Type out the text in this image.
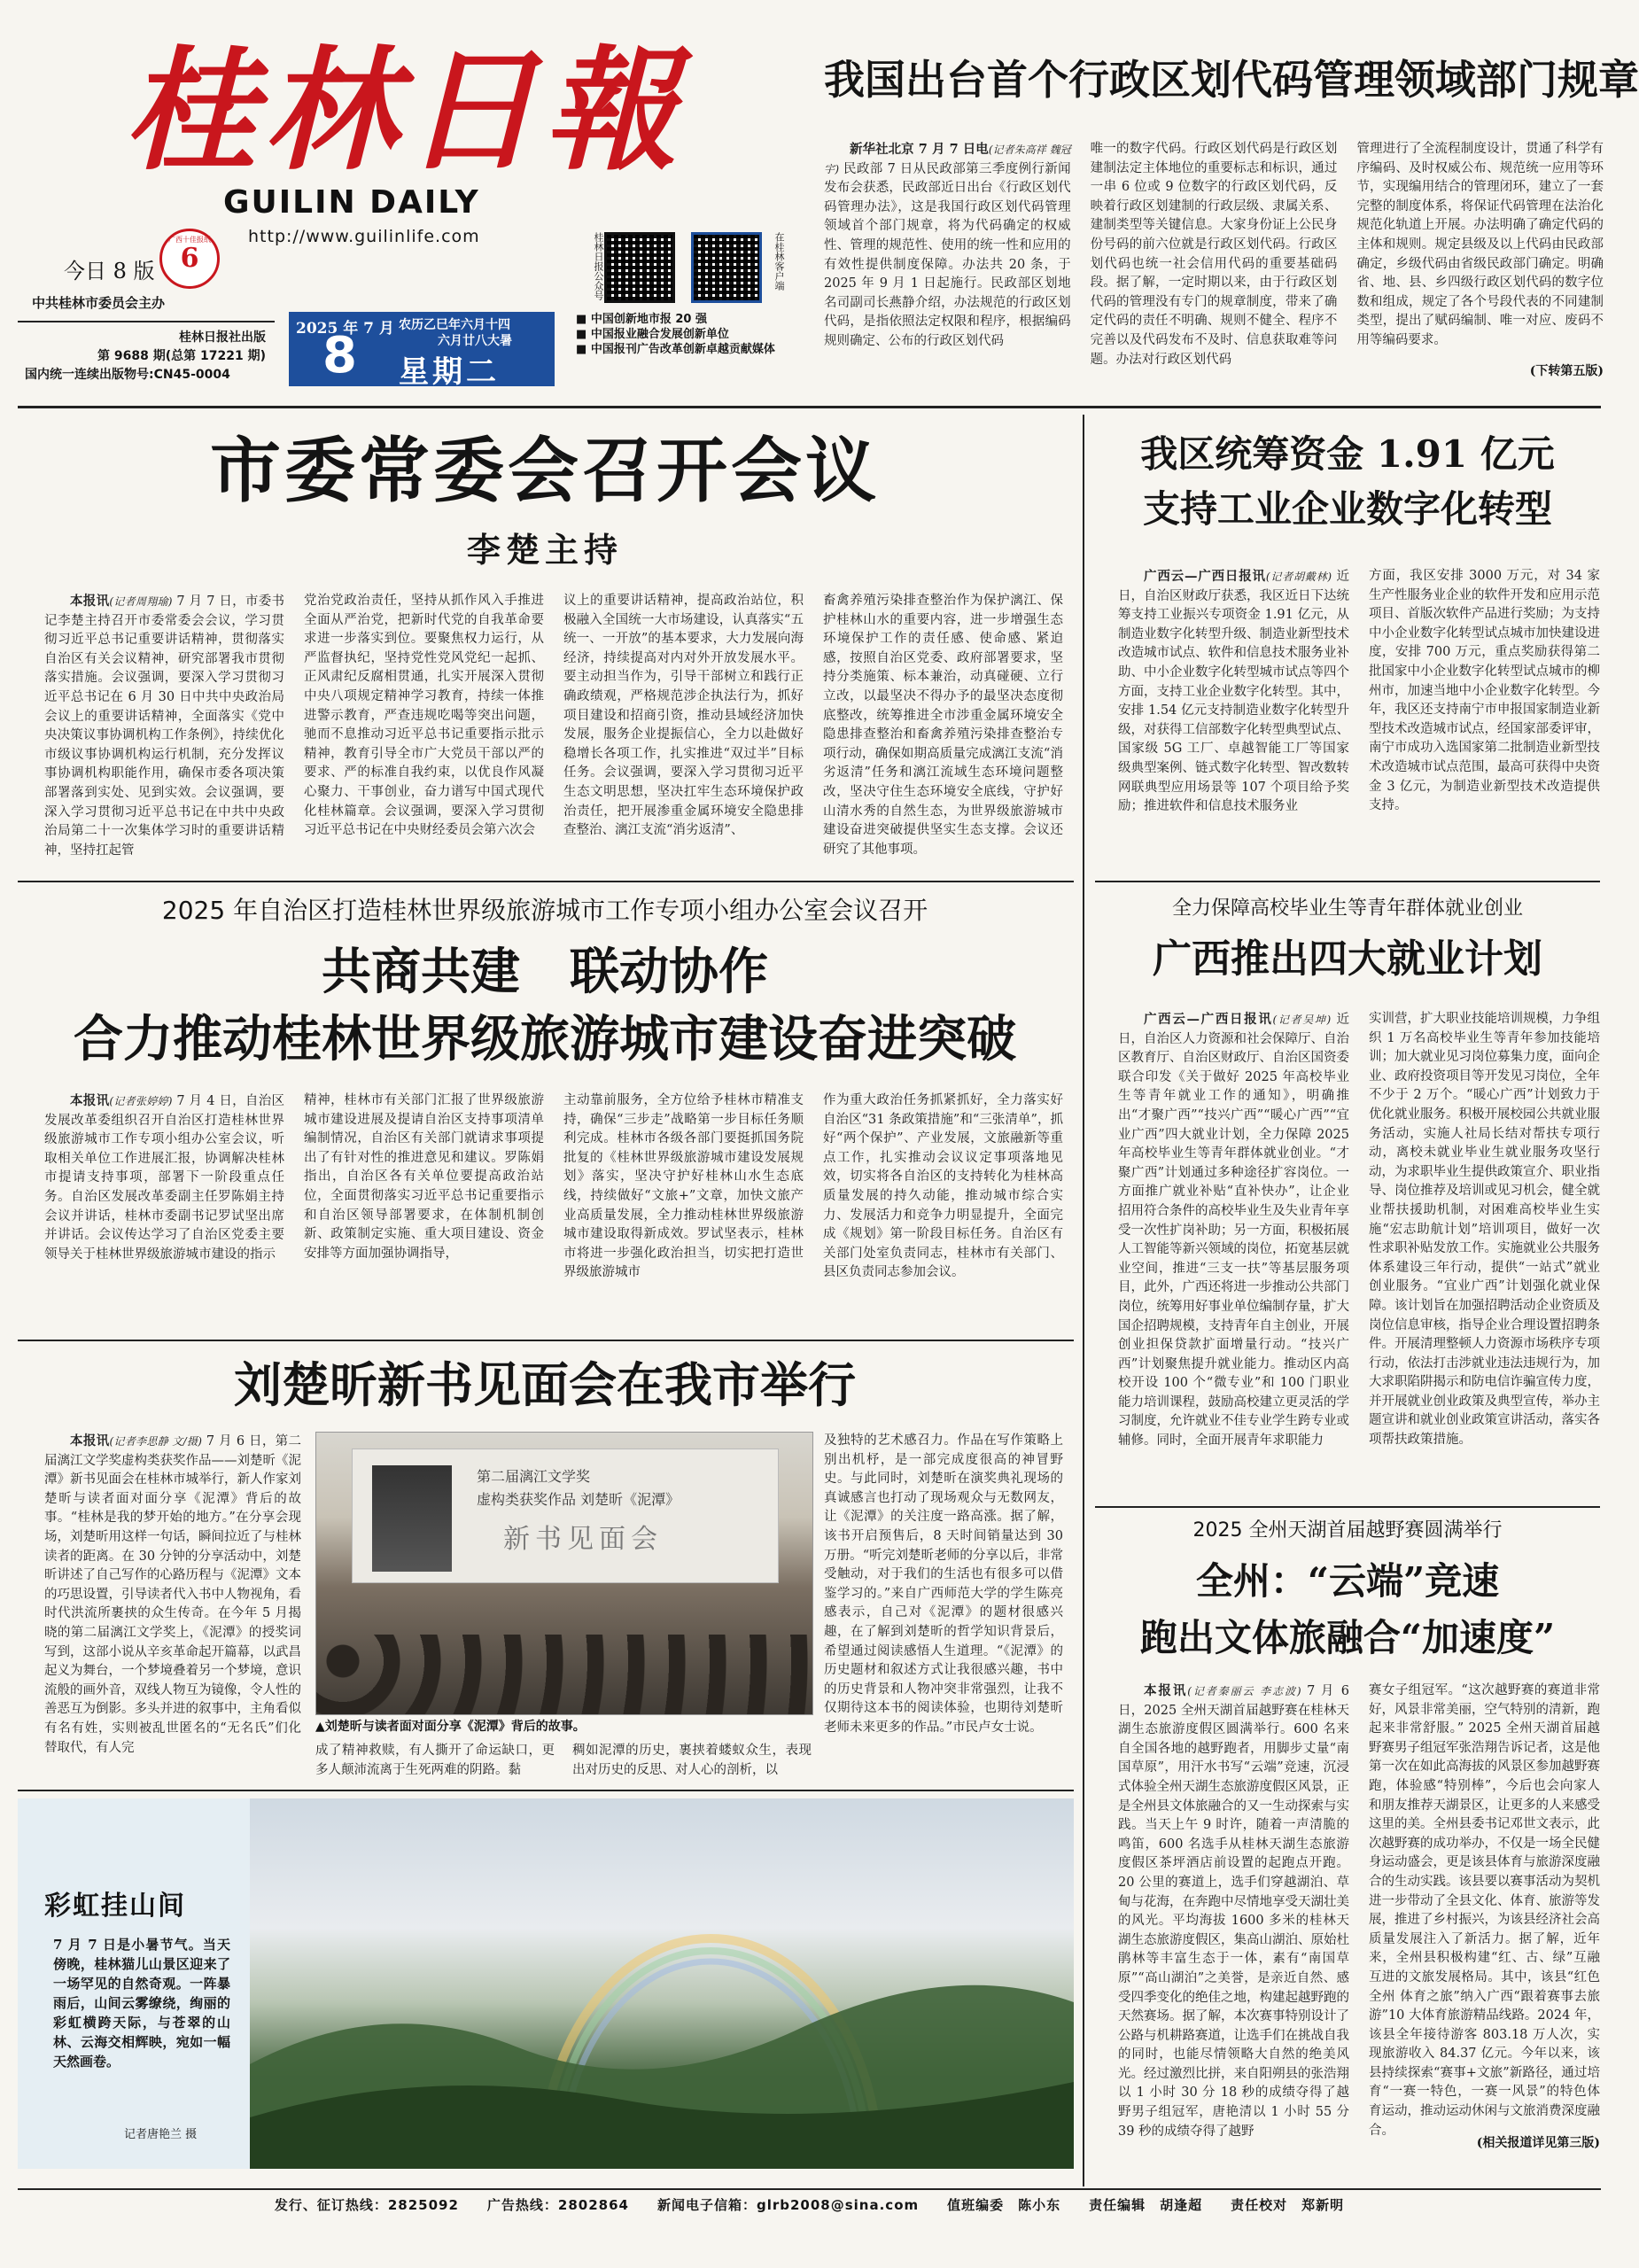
桂林日報
GUILIN DAILY
http://www.guilinlife.com
今日 8 版
广西十佳报纸
6
中共桂林市委员会主办
桂林日报社出版
第 9688 期(总第 17221 期)
国内统一连续出版物号:CN45-0004
2025 年 7 月
8
农历乙巳年六月十四
六月廿八大暑
星期二
桂林日报公众号	在桂林客户端
■ 中国创新地市报 20 强
■ 中国报业融合发展创新单位
■ 中国报刊广告改革创新卓越贡献媒体
我国出台首个行政区划代码管理领域部门规章

新华社北京 7 月 7 日电(记者朱高祥 魏冠宇) 民政部 7 日从民政部第三季度例行新闻发布会获悉，民政部近日出台《行政区划代码管理办法》，这是我国行政区划代码管理领域首个部门规章，将为代码确定的权威性、管理的规范性、使用的统一性和应用的有效性提供制度保障。办法共 20 条，于 2025 年 9 月 1 日起施行。民政部区划地名司副司长燕静介绍，办法规范的行政区划代码，是指依照法定权限和程序，根据编码规则确定、公布的行政区划代码

唯一的数字代码。行政区划代码是行政区划建制法定主体地位的重要标志和标识，通过一串 6 位或 9 位数字的行政区划代码，反映着行政区划建制的行政层级、隶属关系、建制类型等关键信息。大家身份证上公民身份号码的前六位就是行政区划代码。行政区划代码也统一社会信用代码的重要基础码段。据了解，一定时期以来，由于行政区划代码的管理没有专门的规章制度，带来了确定代码的责任不明确、规则不健全、程序不完善以及代码发布不及时、信息获取难等问题。办法对行政区划代码

管理进行了全流程制度设计，贯通了科学有序编码、及时权威公布、规范统一应用等环节，实现编用结合的管理闭环，建立了一套完整的制度体系，将保证代码管理在法治化规范化轨道上开展。办法明确了确定代码的主体和规则。规定县级及以上代码由民政部确定，乡级代码由省级民政部门确定。明确省、地、县、乡四级行政区划代码的数字位数和组成，规定了各个号段代表的不同建制类型，提出了赋码编制、唯一对应、废码不用等编码要求。

(下转第五版)
市委常委会召开会议
李楚主持

本报讯(记者周翔瑜) 7 月 7 日，市委书记李楚主持召开市委常委会会议，学习贯彻习近平总书记重要讲话精神，贯彻落实自治区有关会议精神，研究部署我市贯彻落实措施。会议强调，要深入学习贯彻习近平总书记在 6 月 30 日中共中央政治局会议上的重要讲话精神，全面落实《党中央决策议事协调机构工作条例》，持续优化市级议事协调机构运行机制，充分发挥议事协调机构职能作用，确保市委各项决策部署落到实处、见到实效。会议强调，要深入学习贯彻习近平总书记在中共中央政治局第二十一次集体学习时的重要讲话精神，坚持扛起管

党治党政治责任，坚持从抓作风入手推进全面从严治党，把新时代党的自我革命要求进一步落实到位。要聚焦权力运行，从严监督执纪，坚持党性党风党纪一起抓、正风肃纪反腐相贯通，扎实开展深入贯彻中央八项规定精神学习教育，持续一体推进警示教育，严查违规吃喝等突出问题，驰而不息推动习近平总书记重要指示批示精神，教育引导全市广大党员干部以严的要求、严的标准自我约束，以优良作风凝心聚力、干事创业，奋力谱写中国式现代化桂林篇章。会议强调，要深入学习贯彻习近平总书记在中央财经委员会第六次会

议上的重要讲话精神，提高政治站位，积极融入全国统一大市场建设，认真落实“五统一、一开放”的基本要求，大力发展向海经济，持续提高对内对外开放发展水平。要主动担当作为，引导干部树立和践行正确政绩观，严格规范涉企执法行为，抓好项目建设和招商引资，推动县域经济加快发展，服务企业提振信心，全力以赴做好稳增长各项工作，扎实推进“双过半”目标任务。会议强调，要深入学习贯彻习近平生态文明思想，坚决扛牢生态环境保护政治责任，把开展渗重金属环境安全隐患排查整治、漓江支流“消劣返清”、

畜禽养殖污染排查整治作为保护漓江、保护桂林山水的重要内容，进一步增强生态环境保护工作的责任感、使命感、紧迫感，按照自治区党委、政府部署要求，坚持分类施策、标本兼治，动真碰硬、立行立改，以最坚决不得办予的最坚决态度彻底整改，统筹推进全市涉重金属环境安全隐患排查整治和畜禽养殖污染排查整治专项行动，确保如期高质量完成漓江支流“消劣返清”任务和漓江流域生态环境问题整改，坚决守住生态环境安全底线，守护好山清水秀的自然生态，为世界级旅游城市建设奋进突破提供坚实生态支撑。会议还研究了其他事项。

2025 年自治区打造桂林世界级旅游城市工作专项小组办公室会议召开
共商共建　联动协作
合力推动桂林世界级旅游城市建设奋进突破

本报讯(记者张婷婷) 7 月 4 日，自治区发展改革委组织召开自治区打造桂林世界级旅游城市工作专项小组办公室会议，听取相关单位工作进展汇报，协调解决桂林市提请支持事项，部署下一阶段重点任务。自治区发展改革委副主任罗陈娟主持会议并讲话，桂林市委副书记罗试坚出席并讲话。会议传达学习了自治区党委主要领导关于桂林世界级旅游城市建设的指示

精神，桂林市有关部门汇报了世界级旅游城市建设进展及提请自治区支持事项清单编制情况，自治区有关部门就请求事项提出了有针对性的推进意见和建议。罗陈娟指出，自治区各有关单位要提高政治站位，全面贯彻落实习近平总书记重要指示和自治区领导部署要求，在体制机制创新、政策制定实施、重大项目建设、资金安排等方面加强协调指导，

主动靠前服务，全方位给予桂林市精准支持，确保“三步走”战略第一步目标任务顺利完成。桂林市各级各部门要挺抓国务院批复的《桂林世界级旅游城市建设发展规划》落实，坚决守护好桂林山水生态底线，持续做好“文旅+”文章，加快文旅产业高质量发展，全力推动桂林世界级旅游城市建设取得新成效。罗试坚表示，桂林市将进一步强化政治担当，切实把打造世界级旅游城市

作为重大政治任务抓紧抓好，全力落实好自治区“31 条政策措施”和“三张清单”，抓好“两个保护”、产业发展，文旅融新等重点工作，扎实推动会议议定事项落地见效，切实将各自治区的支持转化为桂林高质量发展的持久动能，推动城市综合实力、发展活力和竞争力明显提升，全面完成《规划》第一阶段目标任务。自治区有关部门处室负责同志，桂林市有关部门、县区负责同志参加会议。

刘楚昕新书见面会在我市举行

本报讯(记者李思静 文/摄) 7 月 6 日，第二届漓江文学奖虚构类获奖作品——刘楚昕《泥潭》新书见面会在桂林市城举行，新人作家刘楚昕与读者面对面分享《泥潭》背后的故事。“桂林是我的梦开始的地方。”在分享会现场，刘楚昕用这样一句话，瞬间拉近了与桂林读者的距离。在 30 分钟的分享活动中，刘楚昕讲述了自己写作的心路历程与《泥潭》文本的巧思设置，引导读者代入书中人物视角，看时代洪流所裹挟的众生传奇。在今年 5 月揭晓的第二届漓江文学奖上，《泥潭》的授奖词写到，这部小说从辛亥革命起开篇幕，以武昌起义为舞台，一个梦境叠着另一个梦境，意识流般的画外音，双线人物互为镜像，令人性的善恶互为倒影。多头并进的叙事中，主角看似有名有姓，实则被乱世匿名的“无名氏”们化替取代，有人完

第二届漓江文学奖
虚构类获奖作品 刘楚昕《泥潭》
新书见面会
▲刘楚昕与读者面对面分享《泥潭》背后的故事。

及独特的艺术感召力。作品在写作策略上别出机杼，是一部完成度很高的神冒野史。与此同时，刘楚昕在演奖典礼现场的真诚感言也打动了现场观众与无数网友，让《泥潭》的关注度一路高涨。据了解，该书开启预售后，8 天时间销量达到 30 万册。“听完刘楚昕老师的分享以后，非常受触动，对于我们的生活也有很多可以借鉴学习的。”来自广西师范大学的学生陈亮感表示，自己对《泥潭》的题材很感兴趣，在了解到刘楚昕的哲学知识背景后，希望通过阅读感悟人生道理。“《泥潭》的历史题材和叙述方式让我很感兴趣，书中的历史背景和人物冲突非常强烈，让我不仅期待这本书的阅读体验，也期待刘楚昕老师未来更多的作品。”市民卢女士说。

成了精神救赎，有人撕开了命运缺口，更多人颠沛流离于生死两难的阴路。黏

稠如泥潭的历史，裹挟着蝼蚁众生，表现出对历史的反思、对人心的剖析，以

彩虹挂山间
7 月 7 日是小暑节气。当天傍晚，桂林猫儿山景区迎来了一场罕见的自然奇观。一阵暴雨后，山间云雾缭绕，绚丽的彩虹横跨天际，与苍翠的山林、云海交相辉映，宛如一幅天然画卷。
记者唐艳兰 摄
我区统筹资金 1.91 亿元
支持工业企业数字化转型

广西云—广西日报讯(记者胡戴林) 近日，自治区财政厅获悉，我区近日下达统筹支持工业振兴专项资金 1.91 亿元，从制造业数字化转型升级、制造业新型技术改造城市试点、软件和信息技术服务业补助、中小企业数字化转型城市试点等四个方面，支持工业企业数字化转型。其中，安排 1.54 亿元支持制造业数字化转型升级，对获得工信部数字化转型典型试点、国家级 5G 工厂、卓越智能工厂等国家级典型案例、链式数字化转型、智改数转网联典型应用场景等 107 个项目给予奖励；推进软件和信息技术服务业

方面，我区安排 3000 万元，对 34 家生产性服务业企业的软件开发和应用示范项目、首版次软件产品进行奖励；为支持中小企业数字化转型试点城市加快建设进度，安排 700 万元，重点奖励获得第二批国家中小企业数字化转型试点城市的柳州市，加速当地中小企业数字化转型。今年，我区还支持南宁市申报国家制造业新型技术改造城市试点，经国家部委评审，南宁市成功入选国家第二批制造业新型技术改造城市试点范围，最高可获得中央资金 3 亿元，为制造业新型技术改造提供支持。

全力保障高校毕业生等青年群体就业创业
广西推出四大就业计划

广西云—广西日报讯(记者吴坤) 近日，自治区人力资源和社会保障厅、自治区教育厅、自治区财政厅、自治区国资委联合印发《关于做好 2025 年高校毕业生等青年就业工作的通知》，明确推出“才聚广西”“技兴广西”“暖心广西”“宜业广西”四大就业计划，全力保障 2025 年高校毕业生等青年群体就业创业。“才聚广西”计划通过多种途径扩容岗位。一方面推广就业补贴“直补快办”，让企业招用符合条件的高校毕业生及失业青年享受一次性扩岗补助；另一方面，积极拓展人工智能等新兴领域的岗位，拓宽基层就业空间，推进“三支一扶”等基层服务项目，此外，广西还将进一步推动公共部门岗位，统筹用好事业单位编制存量，扩大国企招聘规模，支持青年自主创业，开展创业担保贷款扩面增量行动。“技兴广西”计划聚焦提升就业能力。推动区内高校开设 100 个“微专业”和 100 门职业能力培训课程，鼓励高校建立更灵活的学习制度，允许就业不佳专业学生跨专业或辅修。同时，全面开展青年求职能力

实训营，扩大职业技能培训规模，力争组织 1 万名高校毕业生等青年参加技能培训；加大就业见习岗位募集力度，面向企业、政府投资项目等开发见习岗位，全年不少于 2 万个。“暖心广西”计划致力于优化就业服务。积极开展校园公共就业服务活动，实施人社局长结对帮扶专项行动，离校未就业毕业生就业服务攻坚行动，为求职毕业生提供政策宣介、职业指导、岗位推荐及培训或见习机会，健全就业帮扶援助机制，对困难高校毕业生实施“宏志助航计划”培训项目，做好一次性求职补贴发放工作。实施就业公共服务体系建设三年行动，提供“一站式”就业创业服务。“宜业广西”计划强化就业保障。该计划旨在加强招聘活动企业资质及岗位信息审核，指导企业合理设置招聘条件。开展清理整顿人力资源市场秩序专项行动，依法打击涉就业违法违规行为，加大求职陷阱揭示和防电信诈骗宣传力度，并开展就业创业政策及典型宣传，举办主题宣讲和就业创业政策宣讲活动，落实各项帮扶政策措施。

2025 全州天湖首届越野赛圆满举行
全州：“云端”竞速
跑出文体旅融合“加速度”

本报讯(记者秦丽云 李志波) 7 月 6 日，2025 全州天湖首届越野赛在桂林天湖生态旅游度假区圆满举行。600 名来自全国各地的越野跑者，用脚步丈量“南国草原”，用汗水书写“云端”竞速，沉浸式体验全州天湖生态旅游度假区风景，正是全州县文体旅融合的又一生动探索与实践。当天上午 9 时许，随着一声清脆的鸣笛，600 名选手从桂林天湖生态旅游度假区茶坪酒店前设置的起跑点开跑。20 公里的赛道上，选手们穿越湖泊、草甸与花海，在奔跑中尽情地享受天湖壮美的风光。平均海拔 1600 多米的桂林天湖生态旅游度假区，集高山湖泊、原始杜鹃林等丰富生态于一体，素有“南国草原”“高山湖泊”之美誉，是亲近自然、感受四季变化的绝佳之地，构建起越野跑的天然赛场。据了解，本次赛事特别设计了公路与机耕路赛道，让选手们在挑战自我的同时，也能尽情领略大自然的绝美风光。经过激烈比拼，来自阳朔县的张浩翔以 1 小时 30 分 18 秒的成绩夺得了越野男子组冠军，唐艳清以 1 小时 55 分 39 秒的成绩夺得了越野

赛女子组冠军。“这次越野赛的赛道非常好，风景非常美丽，空气特别的清新，跑起来非常舒服。” 2025 全州天湖首届越野赛男子组冠军张浩翔告诉记者，这是他第一次在如此高海拔的风景区参加越野赛跑，体验感“特别棒”，今后也会向家人和朋友推荐天湖景区，让更多的人来感受这里的美。全州县委书记邓世文表示，此次越野赛的成功举办，不仅是一场全民健身运动盛会，更是该县体育与旅游深度融合的生动实践。该县要以赛事活动为契机进一步带动了全县文化、体育、旅游等发展，推进了乡村振兴，为该县经济社会高质量发展注入了新活力。据了解，近年来，全州县积极构建“红、古、绿”互融互进的文旅发展格局。其中，该县“红色全州 体育之旅”纳入广西“跟着赛事去旅游”10 大体育旅游精品线路。2024 年，该县全年接待游客 803.18 万人次，实现旅游收入 84.37 亿元。今年以来，该县持续探索“赛事+文旅”新路径，通过培育“一赛一特色，一赛一风景”的特色体育运动，推动运动休闲与文旅消费深度融合。

(相关报道详见第三版)
发行、征订热线：2825092　　广告热线：2802864　　新闻电子信箱：glrb2008@sina.com　　值班编委　陈小东　　责任编辑　胡逢超　　责任校对　郑新明
